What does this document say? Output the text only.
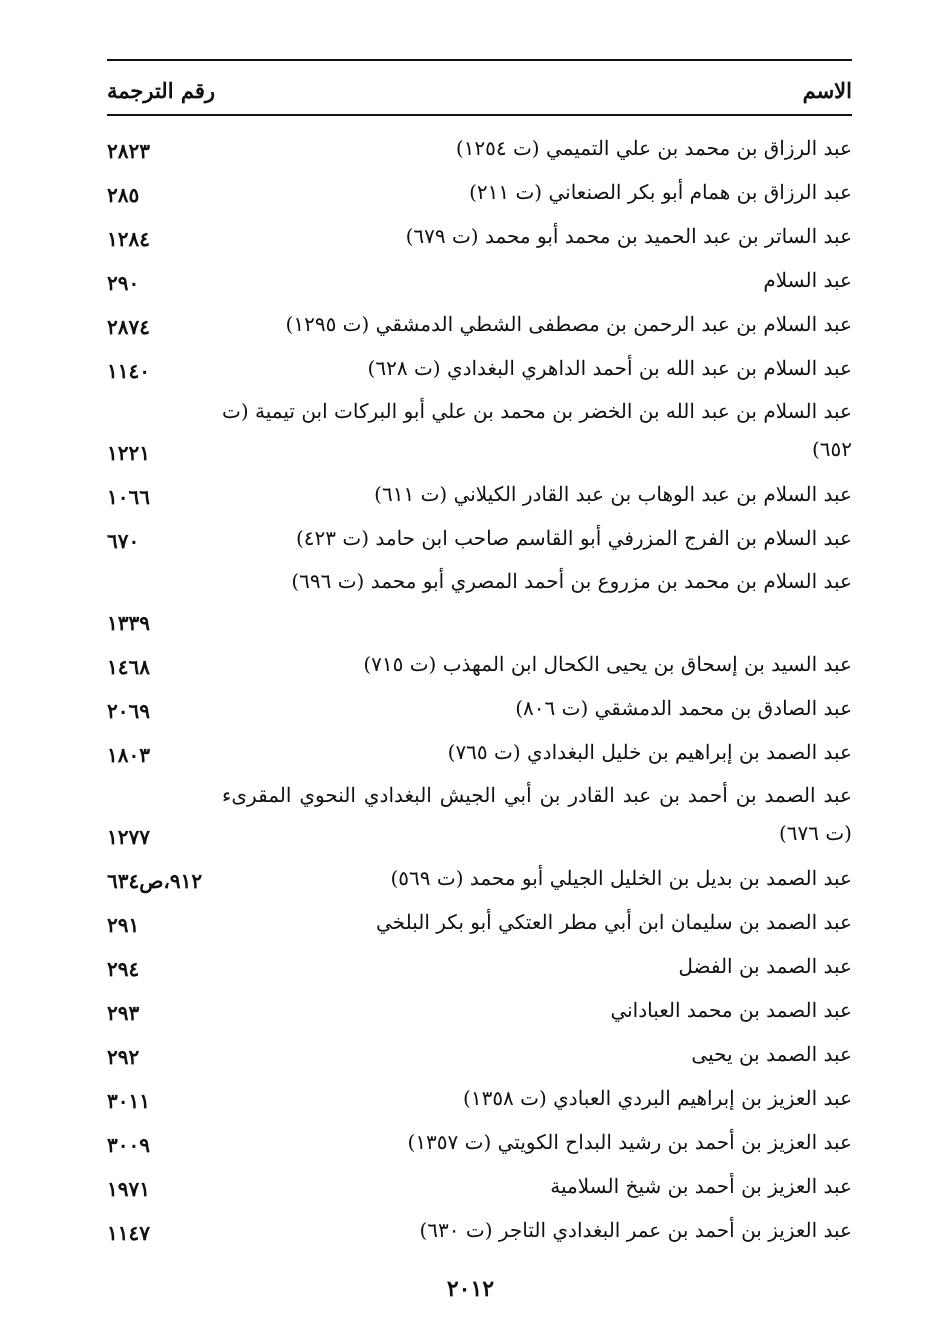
الاسم
رقم الترجمة
عبد الرزاق بن محمد بن علي التميمي (ت ١٢٥٤)
٢٨٢٣
عبد الرزاق بن همام أبو بكر الصنعاني (ت ٢١١)
٢٨٥
عبد الساتر بن عبد الحميد بن محمد أبو محمد (ت ٦٧٩)
١٢٨٤
عبد السلام
٢٩٠
عبد السلام بن عبد الرحمن بن مصطفى الشطي الدمشقي (ت ١٢٩٥)
٢٨٧٤
عبد السلام بن عبد الله بن أحمد الداهري البغدادي (ت ٦٢٨)
١١٤٠
عبد السلام بن عبد الله بن الخضر بن محمد بن علي أبو البركات ابن تيمية (ت ٦٥٢)
١٢٢١
عبد السلام بن عبد الوهاب بن عبد القادر الكيلاني (ت ٦١١)
١٠٦٦
عبد السلام بن الفرج المزرفي أبو القاسم صاحب ابن حامد (ت ٤٢٣)
٦٧٠
عبد السلام بن محمد بن مزروع بن أحمد المصري أبو محمد (ت ٦٩٦)
١٣٣٩
عبد السيد بن إسحاق بن يحيى الكحال ابن المهذب (ت ٧١٥)
١٤٦٨
عبد الصادق بن محمد الدمشقي (ت ٨٠٦)
٢٠٦٩
عبد الصمد بن إبراهيم بن خليل البغدادي (ت ٧٦٥)
١٨٠٣
عبد الصمد بن أحمد بن عبد القادر بن أبي الجيش البغدادي النحوي المقرىء (ت ٦٧٦)
١٢٧٧
عبد الصمد بن بديل بن الخليل الجيلي أبو محمد (ت ٥٦٩)
٩١٢،ص٦٣٤
عبد الصمد بن سليمان ابن أبي مطر العتكي أبو بكر البلخي
٢٩١
عبد الصمد بن الفضل
٢٩٤
عبد الصمد بن محمد العباداني
٢٩٣
عبد الصمد بن يحيى
٢٩٢
عبد العزيز بن إبراهيم البردي العبادي (ت ١٣٥٨)
٣٠١١
عبد العزيز بن أحمد بن رشيد البداح الكويتي (ت ١٣٥٧)
٣٠٠٩
عبد العزيز بن أحمد بن شيخ السلامية
١٩٧١
عبد العزيز بن أحمد بن عمر البغدادي التاجر (ت ٦٣٠)
١١٤٧
٢٠١٢
